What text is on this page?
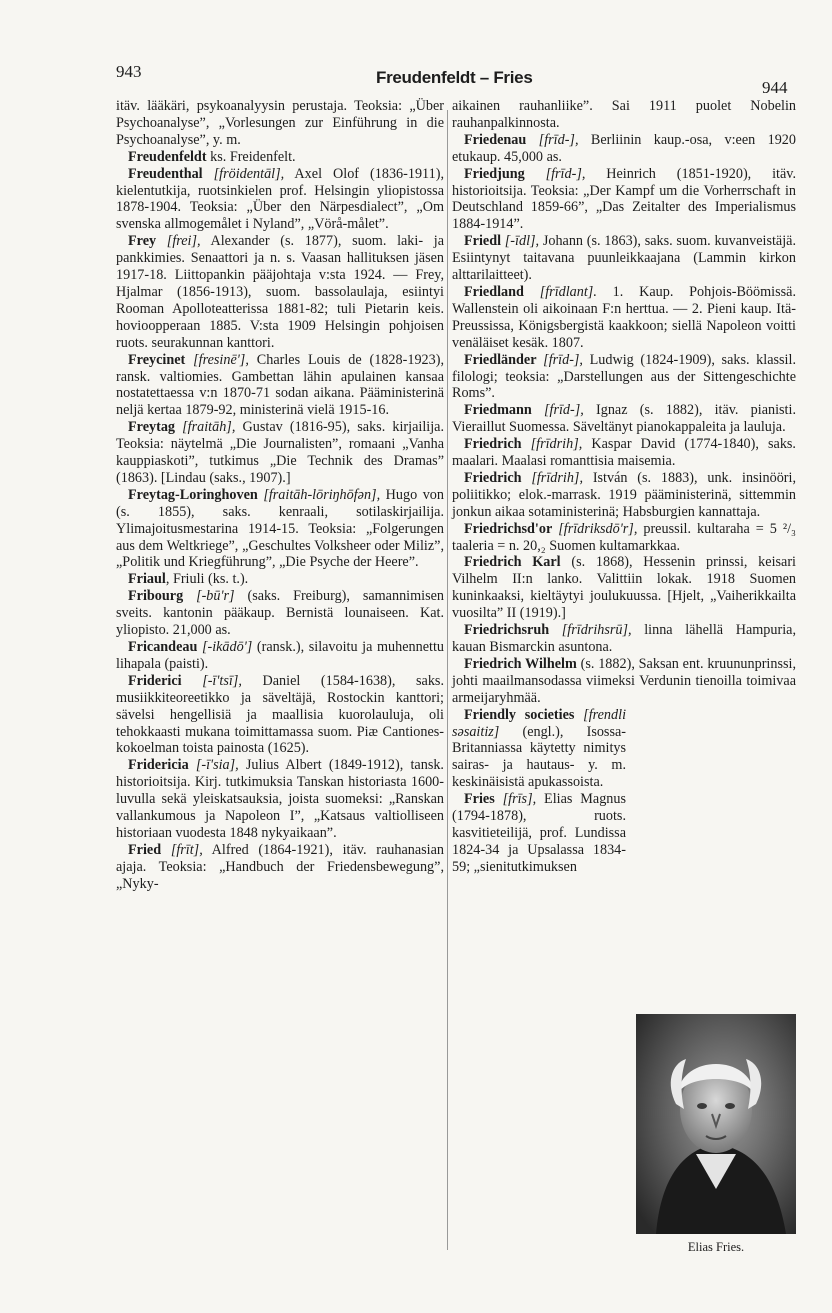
943	Freudenfeldt – Fries
944

itäv. lääkäri, psykoanalyysin perustaja. Teoksia: „Über Psychoanalyse”, „Vorlesungen zur Einführung in die Psychoanalyse”, y. m.

Freudenfeldt ks. Freidenfelt.

Freudenthal [fröidentāl], Axel Olof (1836-1911), kielentutkija, ruotsinkielen prof. Helsingin yliopistossa 1878-1904. Teoksia: „Über den Närpesdialect”, „Om svenska allmogemålet i Nyland”, „Vörå-målet”.

Frey [frei], Alexander (s. 1877), suom. laki- ja pankkimies. Senaattori ja n. s. Vaasan hallituksen jäsen 1917-18. Liittopankin pääjohtaja v:sta 1924. — Frey, Hjalmar (1856-1913), suom. bassolaulaja, esiintyi Rooman Apolloteatterissa 1881-82; tuli Pietarin keis. hovioopperaan 1885. V:sta 1909 Helsingin pohjoisen ruots. seurakunnan kanttori.

Freycinet [fresinē'], Charles Louis de (1828-1923), ransk. valtiomies. Gambettan lähin apulainen kansaa nostatettaessa v:n 1870-71 sodan aikana. Pääministerinä neljä kertaa 1879-92, ministerinä vielä 1915-16.

Freytag [fraitāh], Gustav (1816-95), saks. kirjailija. Teoksia: näytelmä „Die Journalisten”, romaani „Vanha kauppiaskoti”, tutkimus „Die Technik des Dramas” (1863). [Lindau (saks., 1907).]

Freytag-Loringhoven [fraitāh-lōriŋhōfən], Hugo von (s. 1855), saks. kenraali, sotilaskirjailija. Ylimajoitusmestarina 1914-15. Teoksia: „Folgerungen aus dem Weltkriege”, „Geschultes Volksheer oder Miliz”, „Politik und Kriegführung”, „Die Psyche der Heere”.

Friaul, Friuli (ks. t.).

Fribourg [-bū'r] (saks. Freiburg), samannimisen sveits. kantonin pääkaup. Bernistä lounaiseen. Kat. yliopisto. 21,000 as.

Fricandeau [-ikādō'] (ransk.), silavoitu ja muhennettu lihapala (paisti).

Friderici [-ī'tsī], Daniel (1584-1638), saks. musiikkiteoreetikko ja säveltäjä, Rostockin kanttori; sävelsi hengellisiä ja maallisia kuorolauluja, oli tehokkaasti mukana toimittamassa suom. Piæ Cantiones-kokoelman toista painosta (1625).

Fridericia [-ī'sia], Julius Albert (1849-1912), tansk. historioitsija. Kirj. tutkimuksia Tanskan historiasta 1600-luvulla sekä yleiskatsauksia, joista suomeksi: „Ranskan vallankumous ja Napoleon I”, „Katsaus valtiolliseen historiaan vuodesta 1848 nykyaikaan”.

Fried [frīt], Alfred (1864-1921), itäv. rauhanasian ajaja. Teoksia: „Handbuch der Friedensbewegung”, „Nyky-

aikainen rauhanliike”. Sai 1911 puolet Nobelin rauhanpalkinnosta.

Friedenau [frīd-], Berliinin kaup.-osa, v:een 1920 etukaup. 45,000 as.

Friedjung [frīd-], Heinrich (1851-1920), itäv. historioitsija. Teoksia: „Der Kampf um die Vorherrschaft in Deutschland 1859-66”, „Das Zeitalter des Imperialismus 1884-1914”.

Friedl [-īdl], Johann (s. 1863), saks. suom. kuvanveistäjä. Esiintynyt taitavana puunleikkaajana (Lammin kirkon alttarilaitteet).

Friedland [frīdlant]. 1. Kaup. Pohjois-Böömissä. Wallenstein oli aikoinaan F:n herttua. — 2. Pieni kaup. Itä-Preussissa, Königsbergistä kaakkoon; siellä Napoleon voitti venäläiset kesäk. 1807.

Friedländer [frīd-], Ludwig (1824-1909), saks. klassil. filologi; teoksia: „Darstellungen aus der Sittengeschichte Roms”.

Friedmann [frīd-], Ignaz (s. 1882), itäv. pianisti. Vieraillut Suomessa. Säveltänyt pianokappaleita ja lauluja.

Friedrich [frīdrih], Kaspar David (1774-1840), saks. maalari. Maalasi romanttisia maisemia.

Friedrich [frīdrih], István (s. 1883), unk. insinööri, poliitikko; elok.-marrask. 1919 pääministerinä, sittemmin jonkun aikaa sotaministerinä; Habsburgien kannattaja.

Friedrichsd'or [frīdriksdō'r], preussil. kultaraha = 5 ²/₃ taaleria = n. 20,₂ Suomen kultamarkkaa.

Friedrich Karl (s. 1868), Hessenin prinssi, keisari Vilhelm II:n lanko. Valittiin lokak. 1918 Suomen kuninkaaksi, kieltäytyi joulukuussa. [Hjelt, „Vaiherikkailta vuosilta” II (1919).]

Friedrichsruh [frīdrihsrū], linna lähellä Hampuria, kauan Bismarckin asuntona.

Friedrich Wilhelm (s. 1882), Saksan ent. kruununprinssi, johti maailmansodassa viimeksi Verdunin tienoilla toimivaa armeijaryhmää.

Friendly societies [frendli səsaitiz] (engl.), Isossa-Britanniassa käytetty nimitys sairas- ja hautaus- y. m. keskinäisistä apukassoista.

Fries [frīs], Elias Magnus (1794-1878), ruots. kasvitieteilijä, prof. Lundissa 1824-34 ja Upsalassa 1834-59; „sienitutkimuksen

Elias Fries.
